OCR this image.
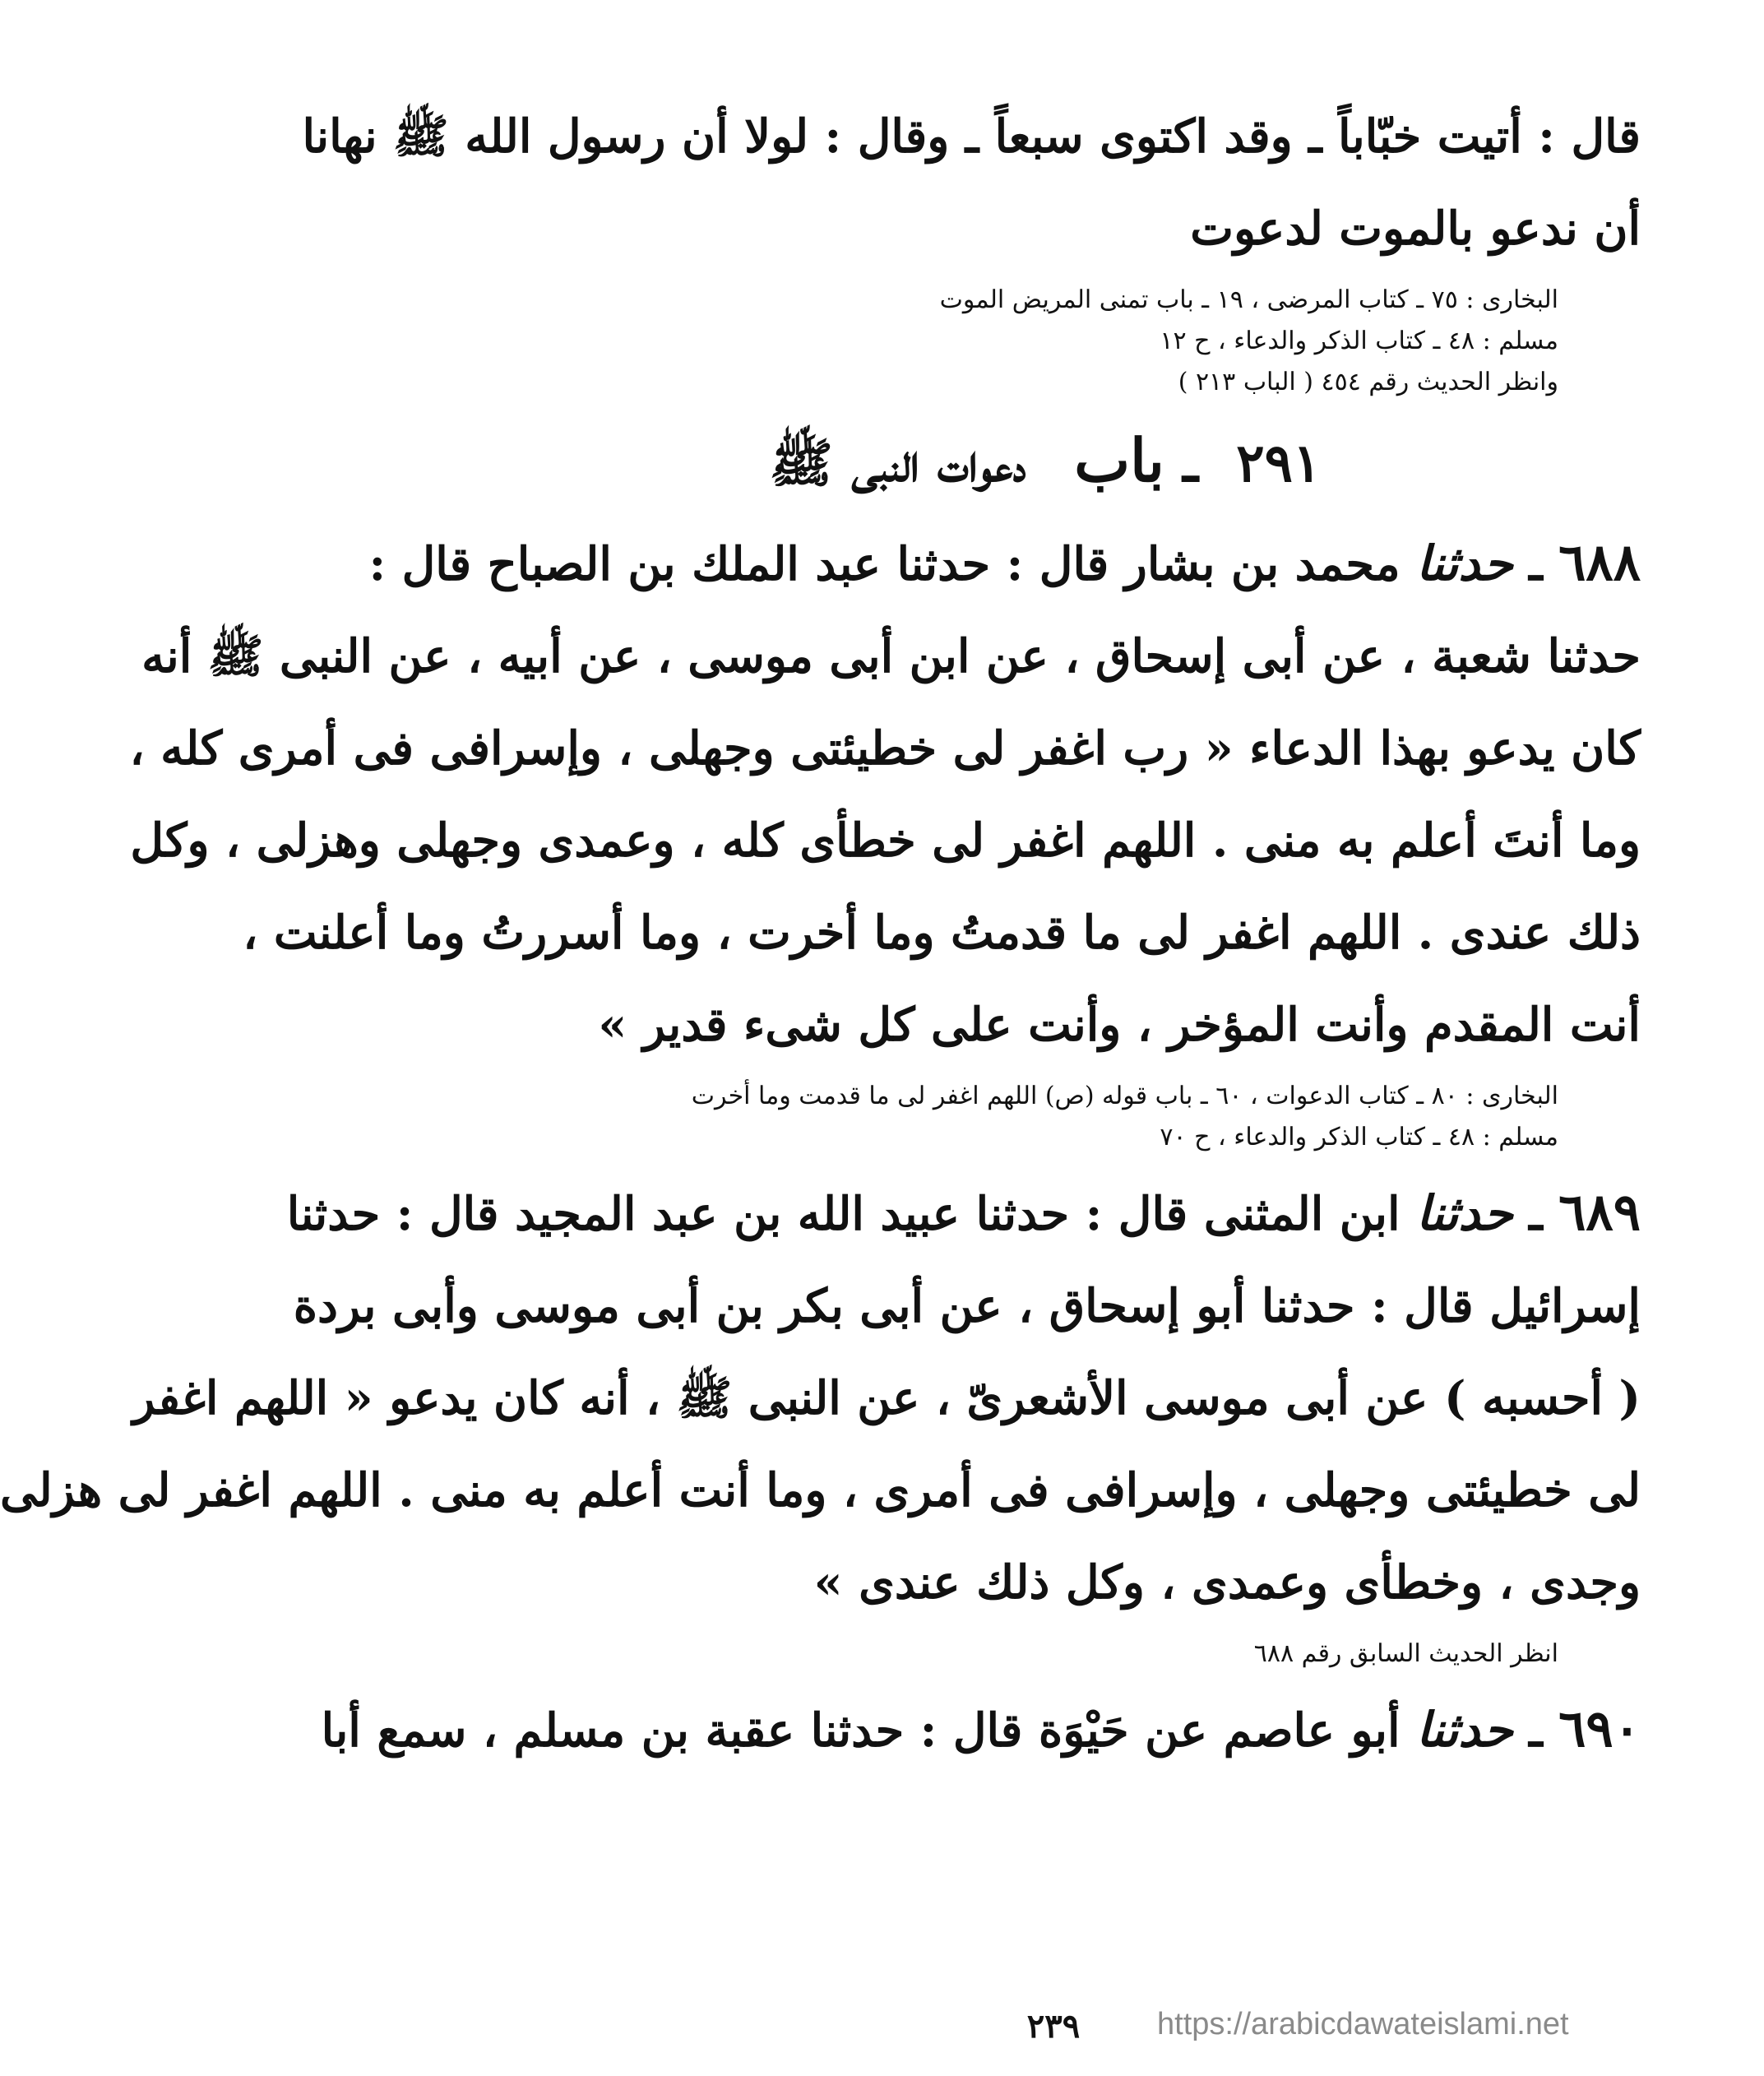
قال : أتيت خبّاباً ـ وقد اكتوى سبعاً ـ وقال : لولا أن رسول الله ﷺ نهانا

أن ندعو بالموت لدعوت

البخارى : ٧٥ ـ كتاب المرضى ، ١٩ ـ باب تمنى المريض الموت

مسلم : ٤٨ ـ كتاب الذكر والدعاء ، ح ١٢

وانظر الحديث رقم ٤٥٤ ( الباب ٢١٣ )

٢٩١ ـ باب دعوات النبى ﷺ

٦٨٨ ـ حدثنا محمد بن بشار قال : حدثنا عبد الملك بن الصباح قال :

حدثنا شعبة ، عن أبى إسحاق ، عن ابن أبى موسى ، عن أبيه ، عن النبى ﷺ أنه

كان يدعو بهذا الدعاء « رب اغفر لى خطيئتى وجهلى ، وإسرافى فى أمرى كله ،

وما أنتَ أعلم به منى . اللهم اغفر لى خطأى كله ، وعمدى وجهلى وهزلى ، وكل

ذلك عندى . اللهم اغفر لى ما قدمتُ وما أخرت ، وما أسررتُ وما أعلنت ،

أنت المقدم وأنت المؤخر ، وأنت على كل شىء قدير »

البخارى : ٨٠ ـ كتاب الدعوات ، ٦٠ ـ باب قوله (ص) اللهم اغفر لى ما قدمت وما أخرت

مسلم : ٤٨ ـ كتاب الذكر والدعاء ، ح ٧٠

٦٨٩ ـ حدثنا ابن المثنى قال : حدثنا عبيد الله بن عبد المجيد قال : حدثنا

إسرائيل قال : حدثنا أبو إسحاق ، عن أبى بكر بن أبى موسى وأبى بردة

( أحسبه ) عن أبى موسى الأشعرىّ ، عن النبى ﷺ ، أنه كان يدعو « اللهم اغفر

لى خطيئتى وجهلى ، وإسرافى فى أمرى ، وما أنت أعلم به منى . اللهم اغفر لى هزلى

وجدى ، وخطأى وعمدى ، وكل ذلك عندى »

انظر الحديث السابق رقم ٦٨٨

٦٩٠ ـ حدثنا أبو عاصم عن حَيْوَة قال : حدثنا عقبة بن مسلم ، سمع أبا

٢٣٩	https://arabicdawateislami.net
